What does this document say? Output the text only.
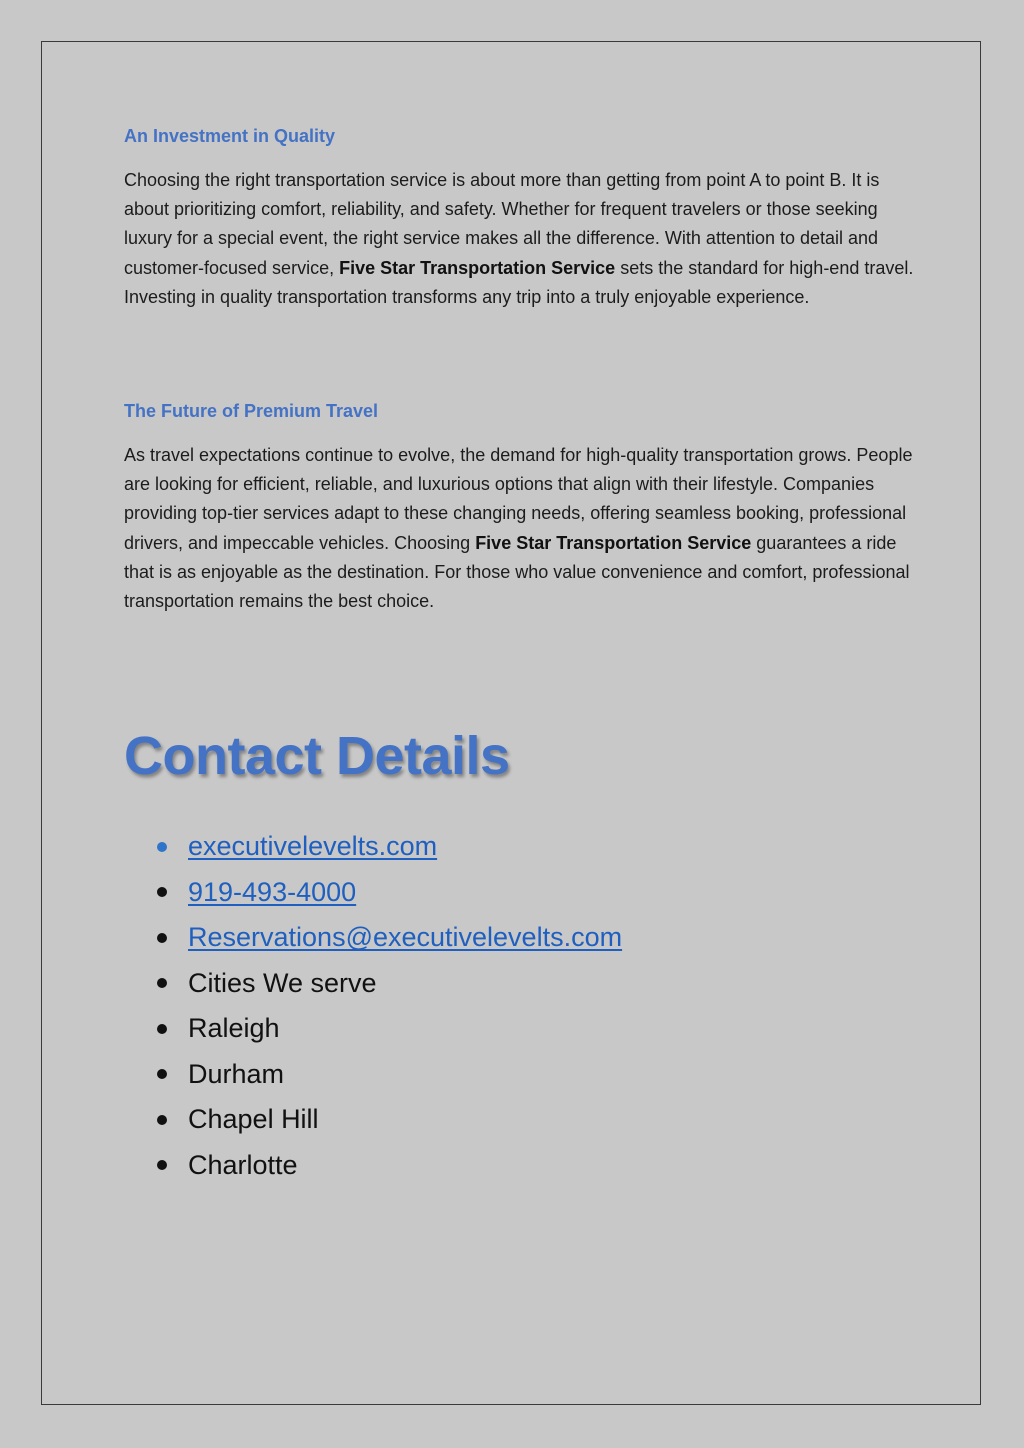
An Investment in Quality

Choosing the right transportation service is about more than getting from point A to point B. It is about prioritizing comfort, reliability, and safety. Whether for frequent travelers or those seeking luxury for a special event, the right service makes all the difference. With attention to detail and customer-focused service, Five Star Transportation Service sets the standard for high-end travel. Investing in quality transportation transforms any trip into a truly enjoyable experience.

The Future of Premium Travel

As travel expectations continue to evolve, the demand for high-quality transportation grows. People are looking for efficient, reliable, and luxurious options that align with their lifestyle. Companies providing top-tier services adapt to these changing needs, offering seamless booking, professional drivers, and impeccable vehicles. Choosing Five Star Transportation Service guarantees a ride that is as enjoyable as the destination. For those who value convenience and comfort, professional transportation remains the best choice.

Contact Details
executivelevelts.com
919-493-4000
Reservations@executivelevelts.com
Cities We serve
Raleigh
Durham
Chapel Hill
Charlotte
